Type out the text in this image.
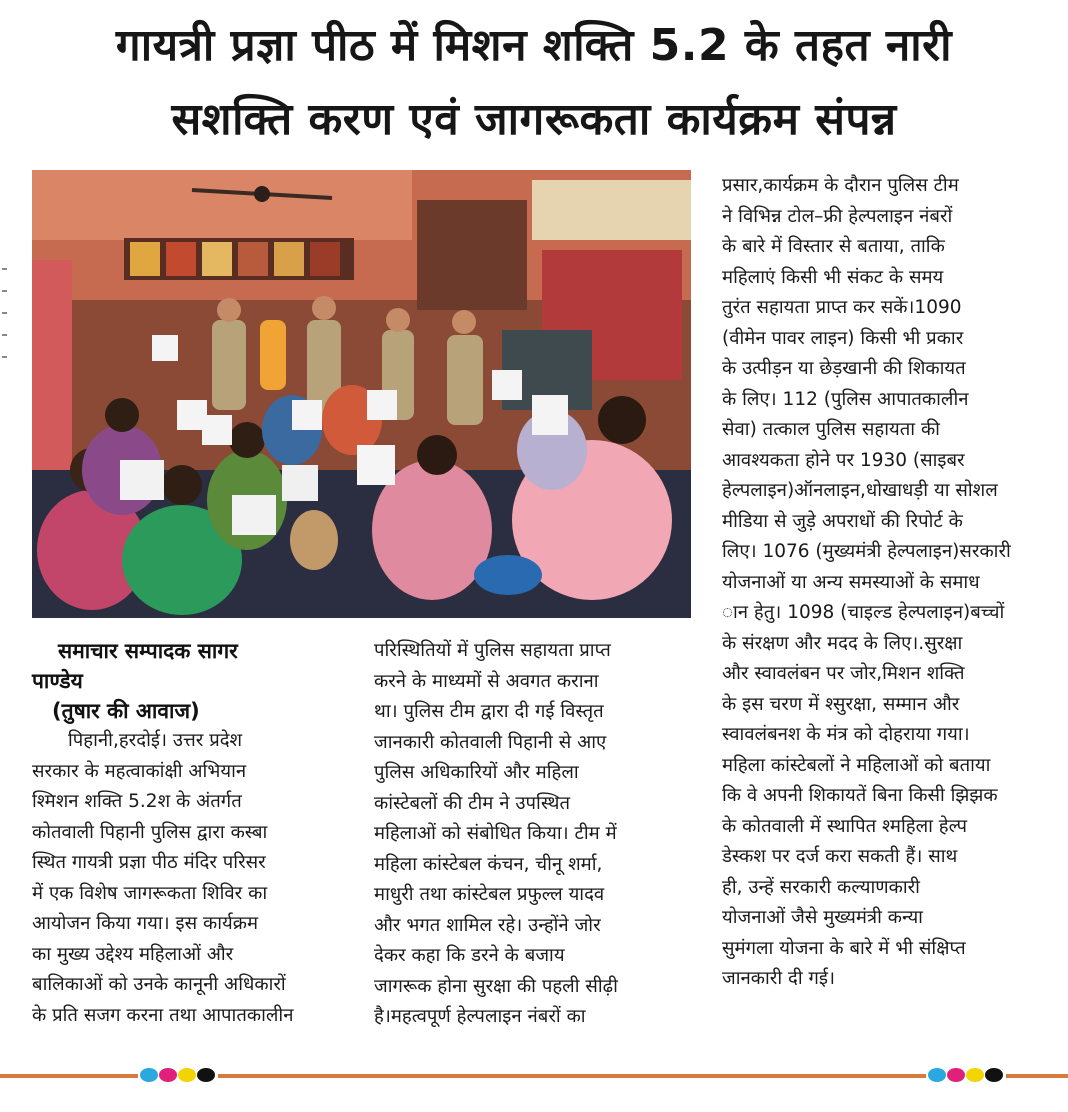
गायत्री प्रज्ञा पीठ में मिशन शक्ति 5.2 के तहत नारी
सशक्ति करण एवं जागरूकता कार्यक्रम संपन्न
समाचार सम्पादक सागर
पाण्डेय
(तुषार की आवाज)

पिहानी,हरदोई। उत्तर प्रदेश

सरकार के महत्वाकांक्षी अभियान

श्मिशन शक्ति 5.2श के अंतर्गत

कोतवाली पिहानी पुलिस द्वारा कस्बा

स्थित गायत्री प्रज्ञा पीठ मंदिर परिसर

में एक विशेष जागरूकता शिविर का

आयोजन किया गया। इस कार्यक्रम

का मुख्य उद्देश्य महिलाओं और

बालिकाओं को उनके कानूनी अधिकारों

के प्रति सजग करना तथा आपातकालीन

परिस्थितियों में पुलिस सहायता प्राप्त

करने के माध्यमों से अवगत कराना

था। पुलिस टीम द्वारा दी गई विस्तृत

जानकारी कोतवाली पिहानी से आए

पुलिस अधिकारियों और महिला

कांस्टेबलों की टीम ने उपस्थित

महिलाओं को संबोधित किया। टीम में

महिला कांस्टेबल कंचन, चीनू शर्मा,

माधुरी तथा कांस्टेबल प्रफुल्ल यादव

और भगत शामिल रहे। उन्होंने जोर

देकर कहा कि डरने के बजाय

जागरूक होना सुरक्षा की पहली सीढ़ी

है।महत्वपूर्ण हेल्पलाइन नंबरों का

प्रसार,कार्यक्रम के दौरान पुलिस टीम

ने विभिन्न टोल–फ्री हेल्पलाइन नंबरों

के बारे में विस्तार से बताया, ताकि

महिलाएं किसी भी संकट के समय

तुरंत सहायता प्राप्त कर सकें।1090

(वीमेन पावर लाइन) किसी भी प्रकार

के उत्पीड़न या छेड़खानी की शिकायत

के लिए। 112 (पुलिस आपातकालीन

सेवा) तत्काल पुलिस सहायता की

आवश्यकता होने पर 1930 (साइबर

हेल्पलाइन)ऑनलाइन,धोखाधड़ी या सोशल

मीडिया से जुड़े अपराधों की रिपोर्ट के

लिए। 1076 (मुख्यमंत्री हेल्पलाइन)सरकारी

योजनाओं या अन्य समस्याओं के समाध

ान हेतु। 1098 (चाइल्ड हेल्पलाइन)बच्चों

के संरक्षण और मदद के लिए।.सुरक्षा

और स्वावलंबन पर जोर,मिशन शक्ति

के इस चरण में श्सुरक्षा, सम्मान और

स्वावलंबनश के मंत्र को दोहराया गया।

महिला कांस्टेबलों ने महिलाओं को बताया

कि वे अपनी शिकायतें बिना किसी झिझक

के कोतवाली में स्थापित श्महिला हेल्प

डेस्कश पर दर्ज करा सकती हैं। साथ

ही, उन्हें सरकारी कल्याणकारी

योजनाओं जैसे मुख्यमंत्री कन्या

सुमंगला योजना के बारे में भी संक्षिप्त

जानकारी दी गई।
